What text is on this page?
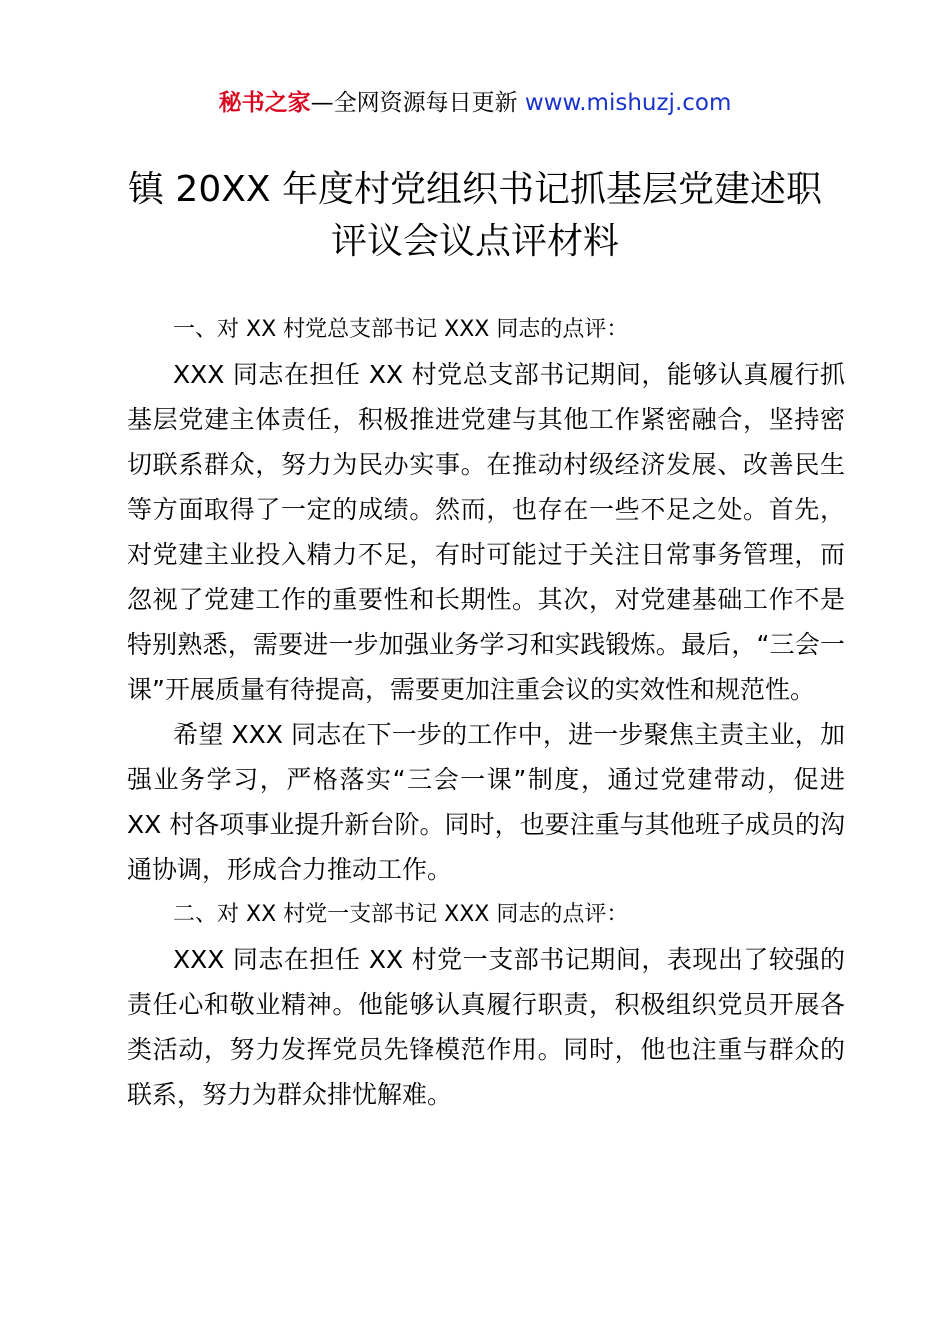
秘书之家—全网资源每日更新 www.mishuzj.com
镇 20XX 年度村党组织书记抓基层党建述职
评议会议点评材料
一、对 XX 村党总支部书记 XXX 同志的点评：
XXX 同志在担任 XX 村党总支部书记期间，能够认真履行抓基层党建主体责任，积极推进党建与其他工作紧密融合，坚持密切联系群众，努力为民办实事。在推动村级经济发展、改善民生等方面取得了一定的成绩。然而，也存在一些不足之处。首先，对党建主业投入精力不足，有时可能过于关注日常事务管理，而忽视了党建工作的重要性和长期性。其次，对党建基础工作不是特别熟悉，需要进一步加强业务学习和实践锻炼。最后，“三会一课”开展质量有待提高，需要更加注重会议的实效性和规范性。
希望 XXX 同志在下一步的工作中，进一步聚焦主责主业，加强业务学习，严格落实“三会一课”制度，通过党建带动，促进 XX 村各项事业提升新台阶。同时，也要注重与其他班子成员的沟通协调，形成合力推动工作。
二、对 XX 村党一支部书记 XXX 同志的点评：
XXX 同志在担任 XX 村党一支部书记期间，表现出了较强的责任心和敬业精神。他能够认真履行职责，积极组织党员开展各类活动，努力发挥党员先锋模范作用。同时，他也注重与群众的联系，努力为群众排忧解难。
